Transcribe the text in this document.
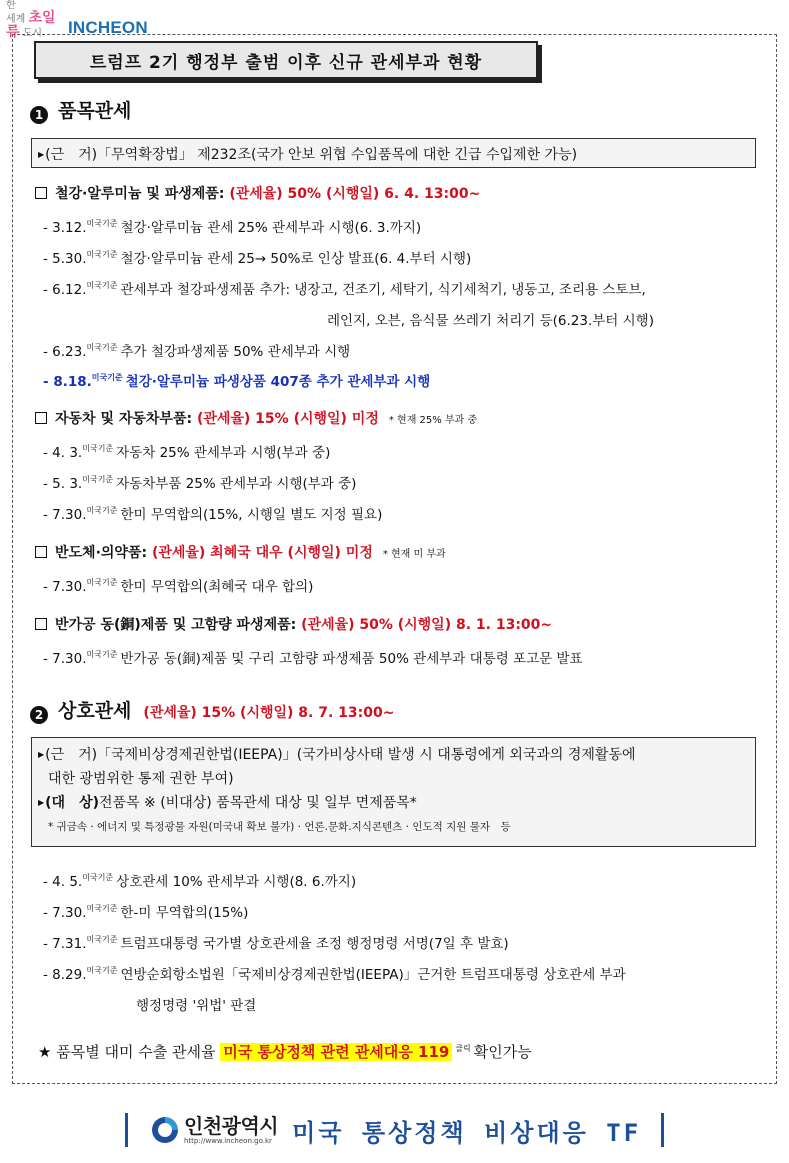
한
세계 초일류 도시	INCHEON
트럼프 2기 행정부 출범 이후 신규 관세부과 현황
1 품목관세
▶(근　거)「무역확장법」 제232조(국가 안보 위협 수입품목에 대한 긴급 수입제한 가능)
철강·알루미늄 및 파생제품: (관세율) 50% (시행일) 6. 4. 13:00~
- 3.12.$^{미국기준}$ 철강·알루미늄 관세 25% 관세부과 시행(6. 3.까지)
- 5.30.$^{미국기준}$ 철강·알루미늄 관세 25→ 50%로 인상 발표(6. 4.부터 시행)
- 6.12.$^{미국기준}$ 관세부과 철강파생제품 추가: 냉장고, 건조기, 세탁기, 식기세척기, 냉동고, 조리용 스토브,
레인지, 오븐, 음식물 쓰레기 처리기 등(6.23.부터 시행)
- 6.23.$^{미국기준}$ 추가 철강파생제품 50% 관세부과 시행
- 8.18.$^{미국기준}$ 철강·알루미늄 파생상품 407종 추가 관세부과 시행
자동차 및 자동차부품: (관세율) 15% (시행일) 미정 * 현재 25% 부과 중
- 4. 3.$^{미국기준}$ 자동차 25% 관세부과 시행(부과 중)
- 5. 3.$^{미국기준}$ 자동차부품 25% 관세부과 시행(부과 중)
- 7.30.$^{미국기준}$ 한미 무역합의(15%, 시행일 별도 지정 필요)
반도체·의약품: (관세율) 최혜국 대우 (시행일) 미정 * 현재 미 부과
- 7.30.$^{미국기준}$ 한미 무역합의(최혜국 대우 합의)
반가공 동(銅)제품 및 고함량 파생제품: (관세율) 50% (시행일) 8. 1. 13:00~
- 7.30.$^{미국기준}$ 반가공 동(銅)제품 및 구리 고함량 파생제품 50% 관세부과 대통령 포고문 발표
2 상호관세 (관세율) 15% (시행일) 8. 7. 13:00~
▶(근　거)「국제비상경제권한법(IEEPA)」(국가비상사태 발생 시 대통령에게 외국과의 경제활동에
대한 광범위한 통제 권한 부여)
▶(대　상)전품목 ※ (비대상) 품목관세 대상 및 일부 면제품목*
* 귀금속 · 에너지 및 특정광물 자원(미국내 확보 불가) · 언론.문화.지식콘텐츠 · 인도적 지원 물자　등
- 4. 5.$^{미국기준}$ 상호관세 10% 관세부과 시행(8. 6.까지)
- 7.30.$^{미국기준}$ 한-미 무역합의(15%)
- 7.31.$^{미국기준}$ 트럼프대통령 국가별 상호관세율 조정 행정명령 서명(7일 후 발효)
- 8.29.$^{미국기준}$ 연방순회항소법원「국제비상경제권한법(IEEPA)」근거한 트럼프대통령 상호관세 부과
행정명령 '위법' 판결
★ 품목별 대미 수출 관세율 미국 통상정책 관련 관세대응 119 $^{클릭}$ 확인가능
인천광역시
http://www.incheon.go.kr 미국 통상정책 비상대응 TF
